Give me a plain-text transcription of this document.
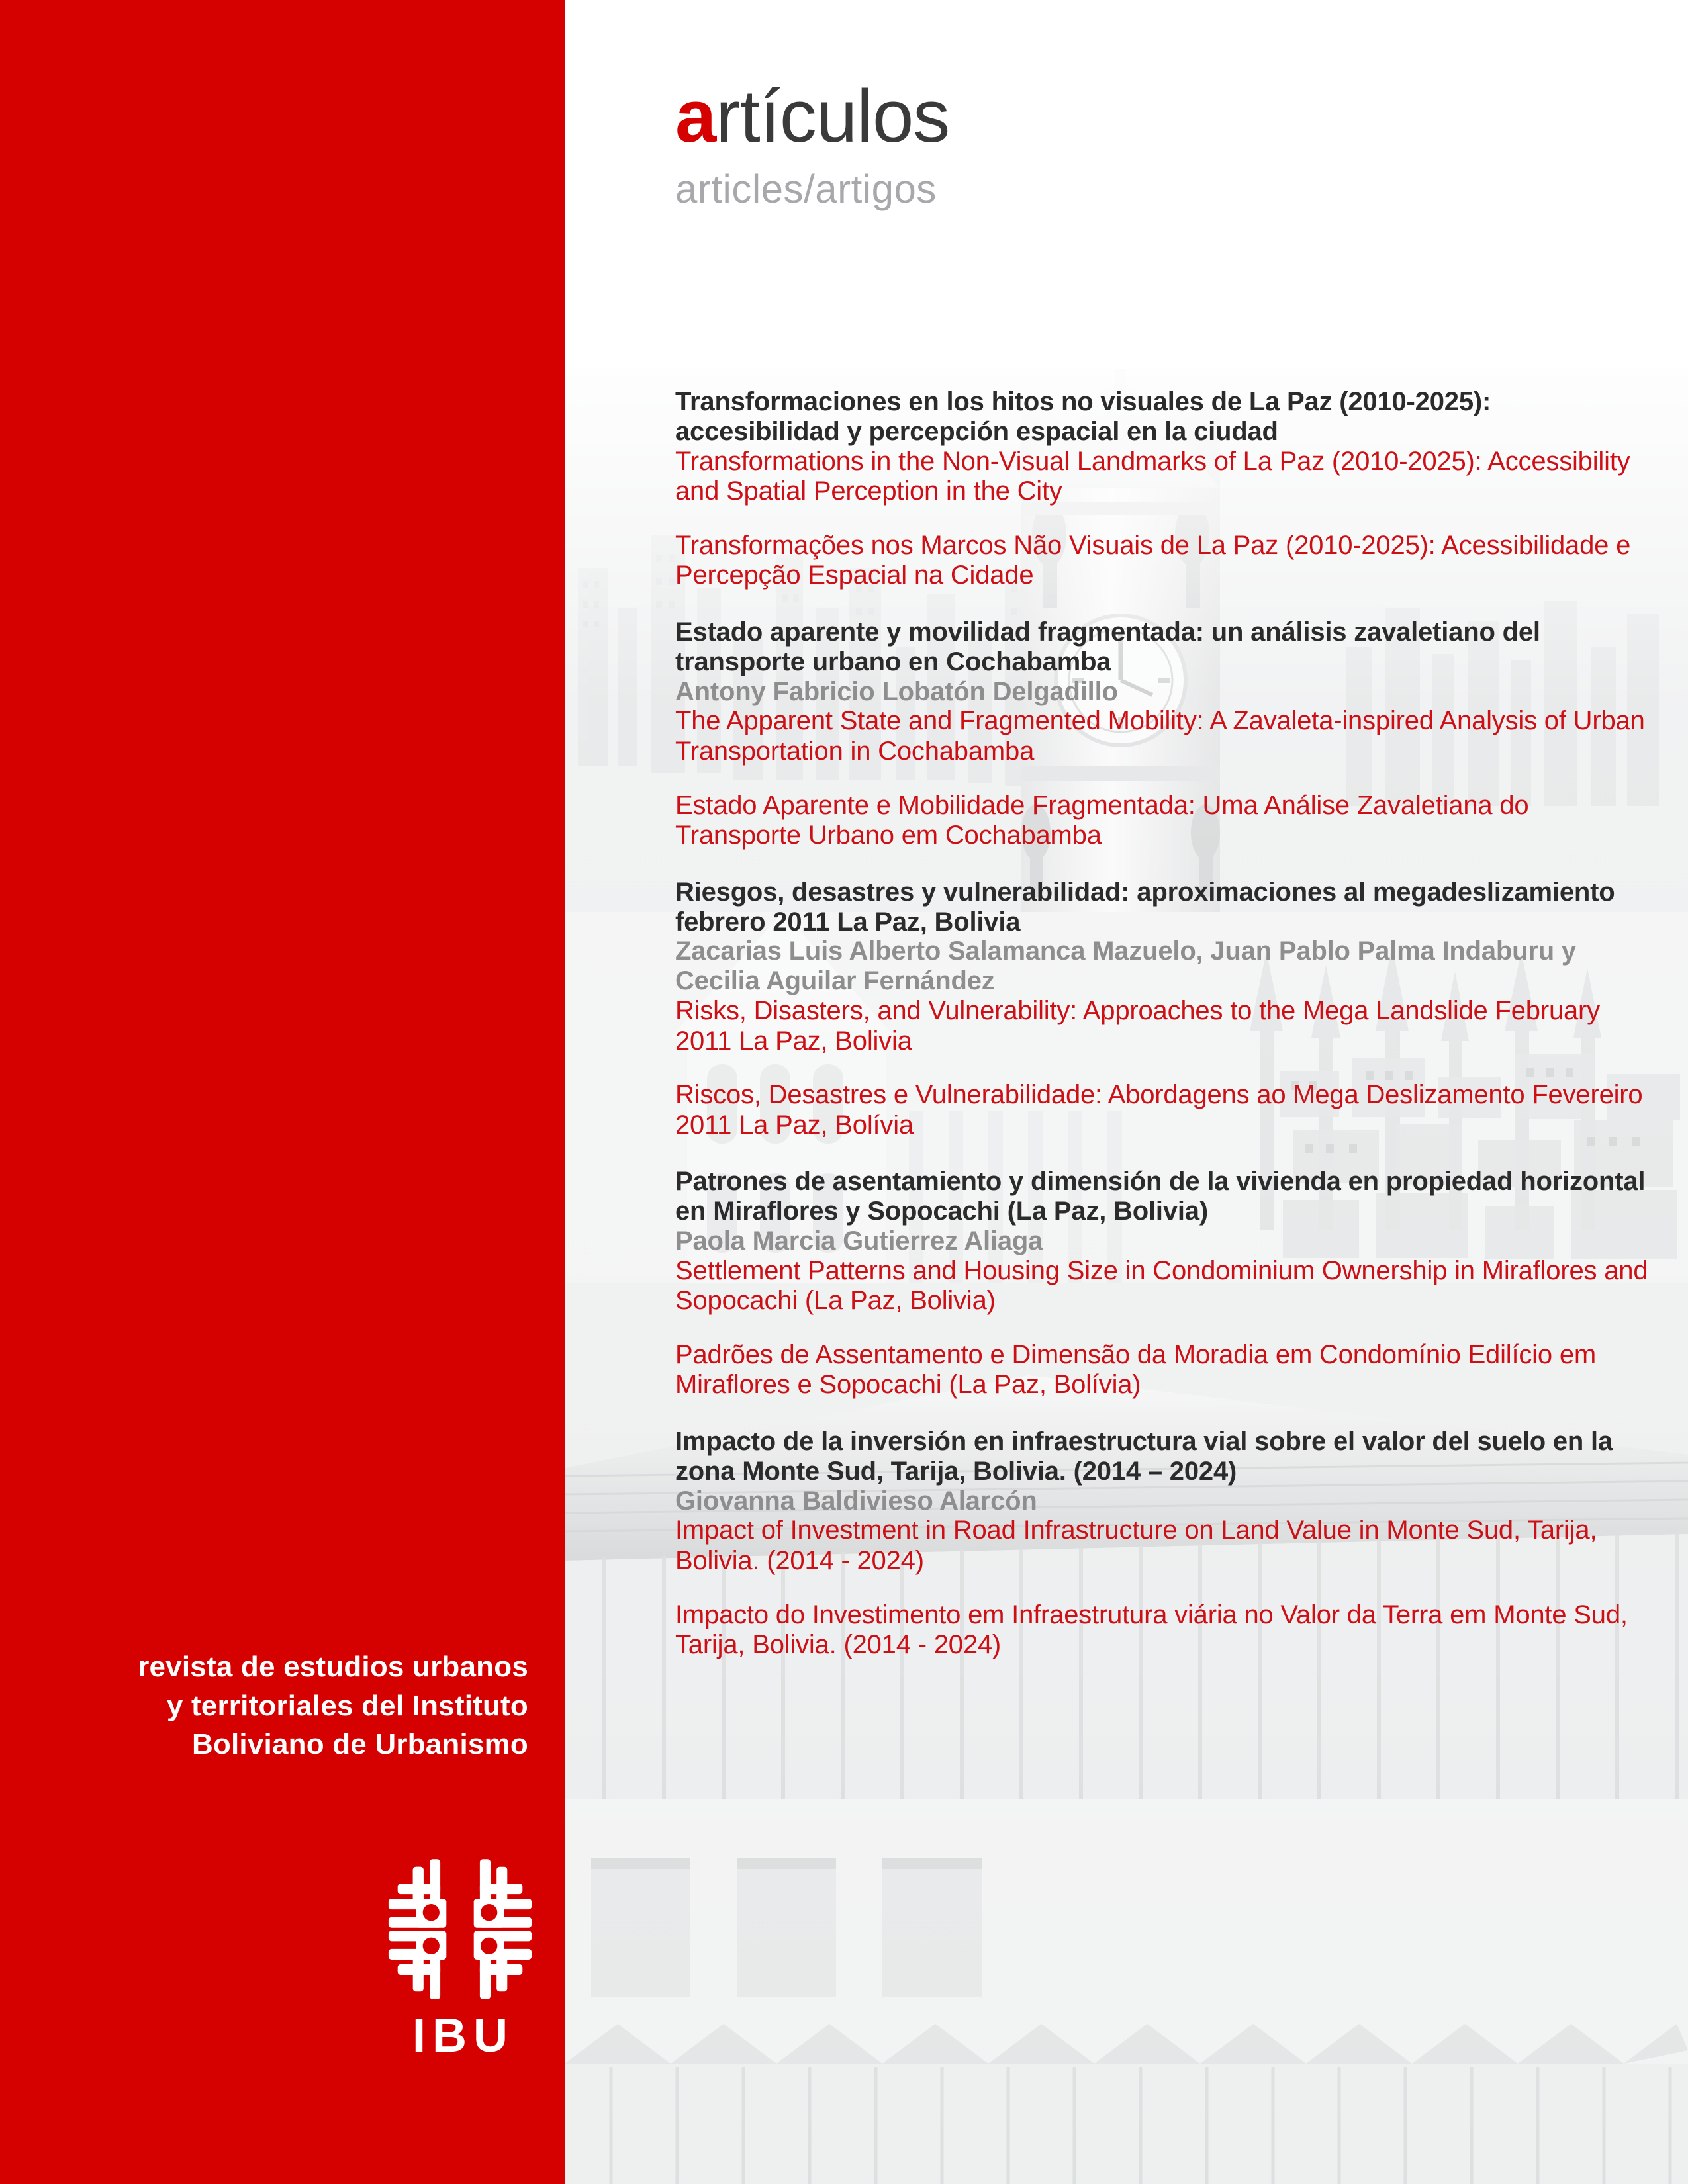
artículos
articles/artigos
Transformaciones en los hitos no visuales de La Paz (2010-2025): accesibilidad y percepción espacial en la ciudad
Transformations in the Non-Visual Landmarks of La Paz (2010-2025): Accessibility and Spatial Perception in the City
Transformações nos Marcos Não Visuais de La Paz (2010-2025): Acessibilidade e Percepção Espacial na Cidade
Estado aparente y movilidad fragmentada: un análisis zavaletiano del transporte urbano en Cochabamba
Antony Fabricio Lobatón Delgadillo
The Apparent State and Fragmented Mobility: A Zavaleta-inspired Analysis of Urban Transportation in Cochabamba
Estado Aparente e Mobilidade Fragmentada: Uma Análise Zavaletiana do Transporte Urbano em Cochabamba
Riesgos, desastres y vulnerabilidad: aproximaciones al megadeslizamiento febrero 2011 La Paz, Bolivia
Zacarias Luis Alberto Salamanca Mazuelo, Juan Pablo Palma Indaburu y Cecilia Aguilar Fernández
Risks, Disasters, and Vulnerability: Approaches to the Mega Landslide February 2011 La Paz, Bolivia
Riscos, Desastres e Vulnerabilidade: Abordagens ao Mega Deslizamento Fevereiro 2011 La Paz, Bolívia
Patrones de asentamiento y dimensión de la vivienda en propiedad horizontal en Miraflores y Sopocachi (La Paz, Bolivia)
Paola Marcia Gutierrez Aliaga
Settlement Patterns and Housing Size in Condominium Ownership in Miraflores and Sopocachi (La Paz, Bolivia)
Padrões de Assentamento e Dimensão da Moradia em Condomínio Edilício em Miraflores e Sopocachi (La Paz, Bolívia)
Impacto de la inversión en infraestructura vial sobre el valor del suelo en la zona Monte Sud, Tarija, Bolivia. (2014 – 2024)
Giovanna Baldivieso Alarcón
Impact of Investment in Road Infrastructure on Land Value in Monte Sud, Tarija, Bolivia. (2014 - 2024)
Impacto do Investimento em Infraestrutura viária no Valor da Terra em Monte Sud, Tarija, Bolivia. (2014 - 2024)
revista de estudios urbanos
y territoriales del Instituto
Boliviano de Urbanismo
IBU
